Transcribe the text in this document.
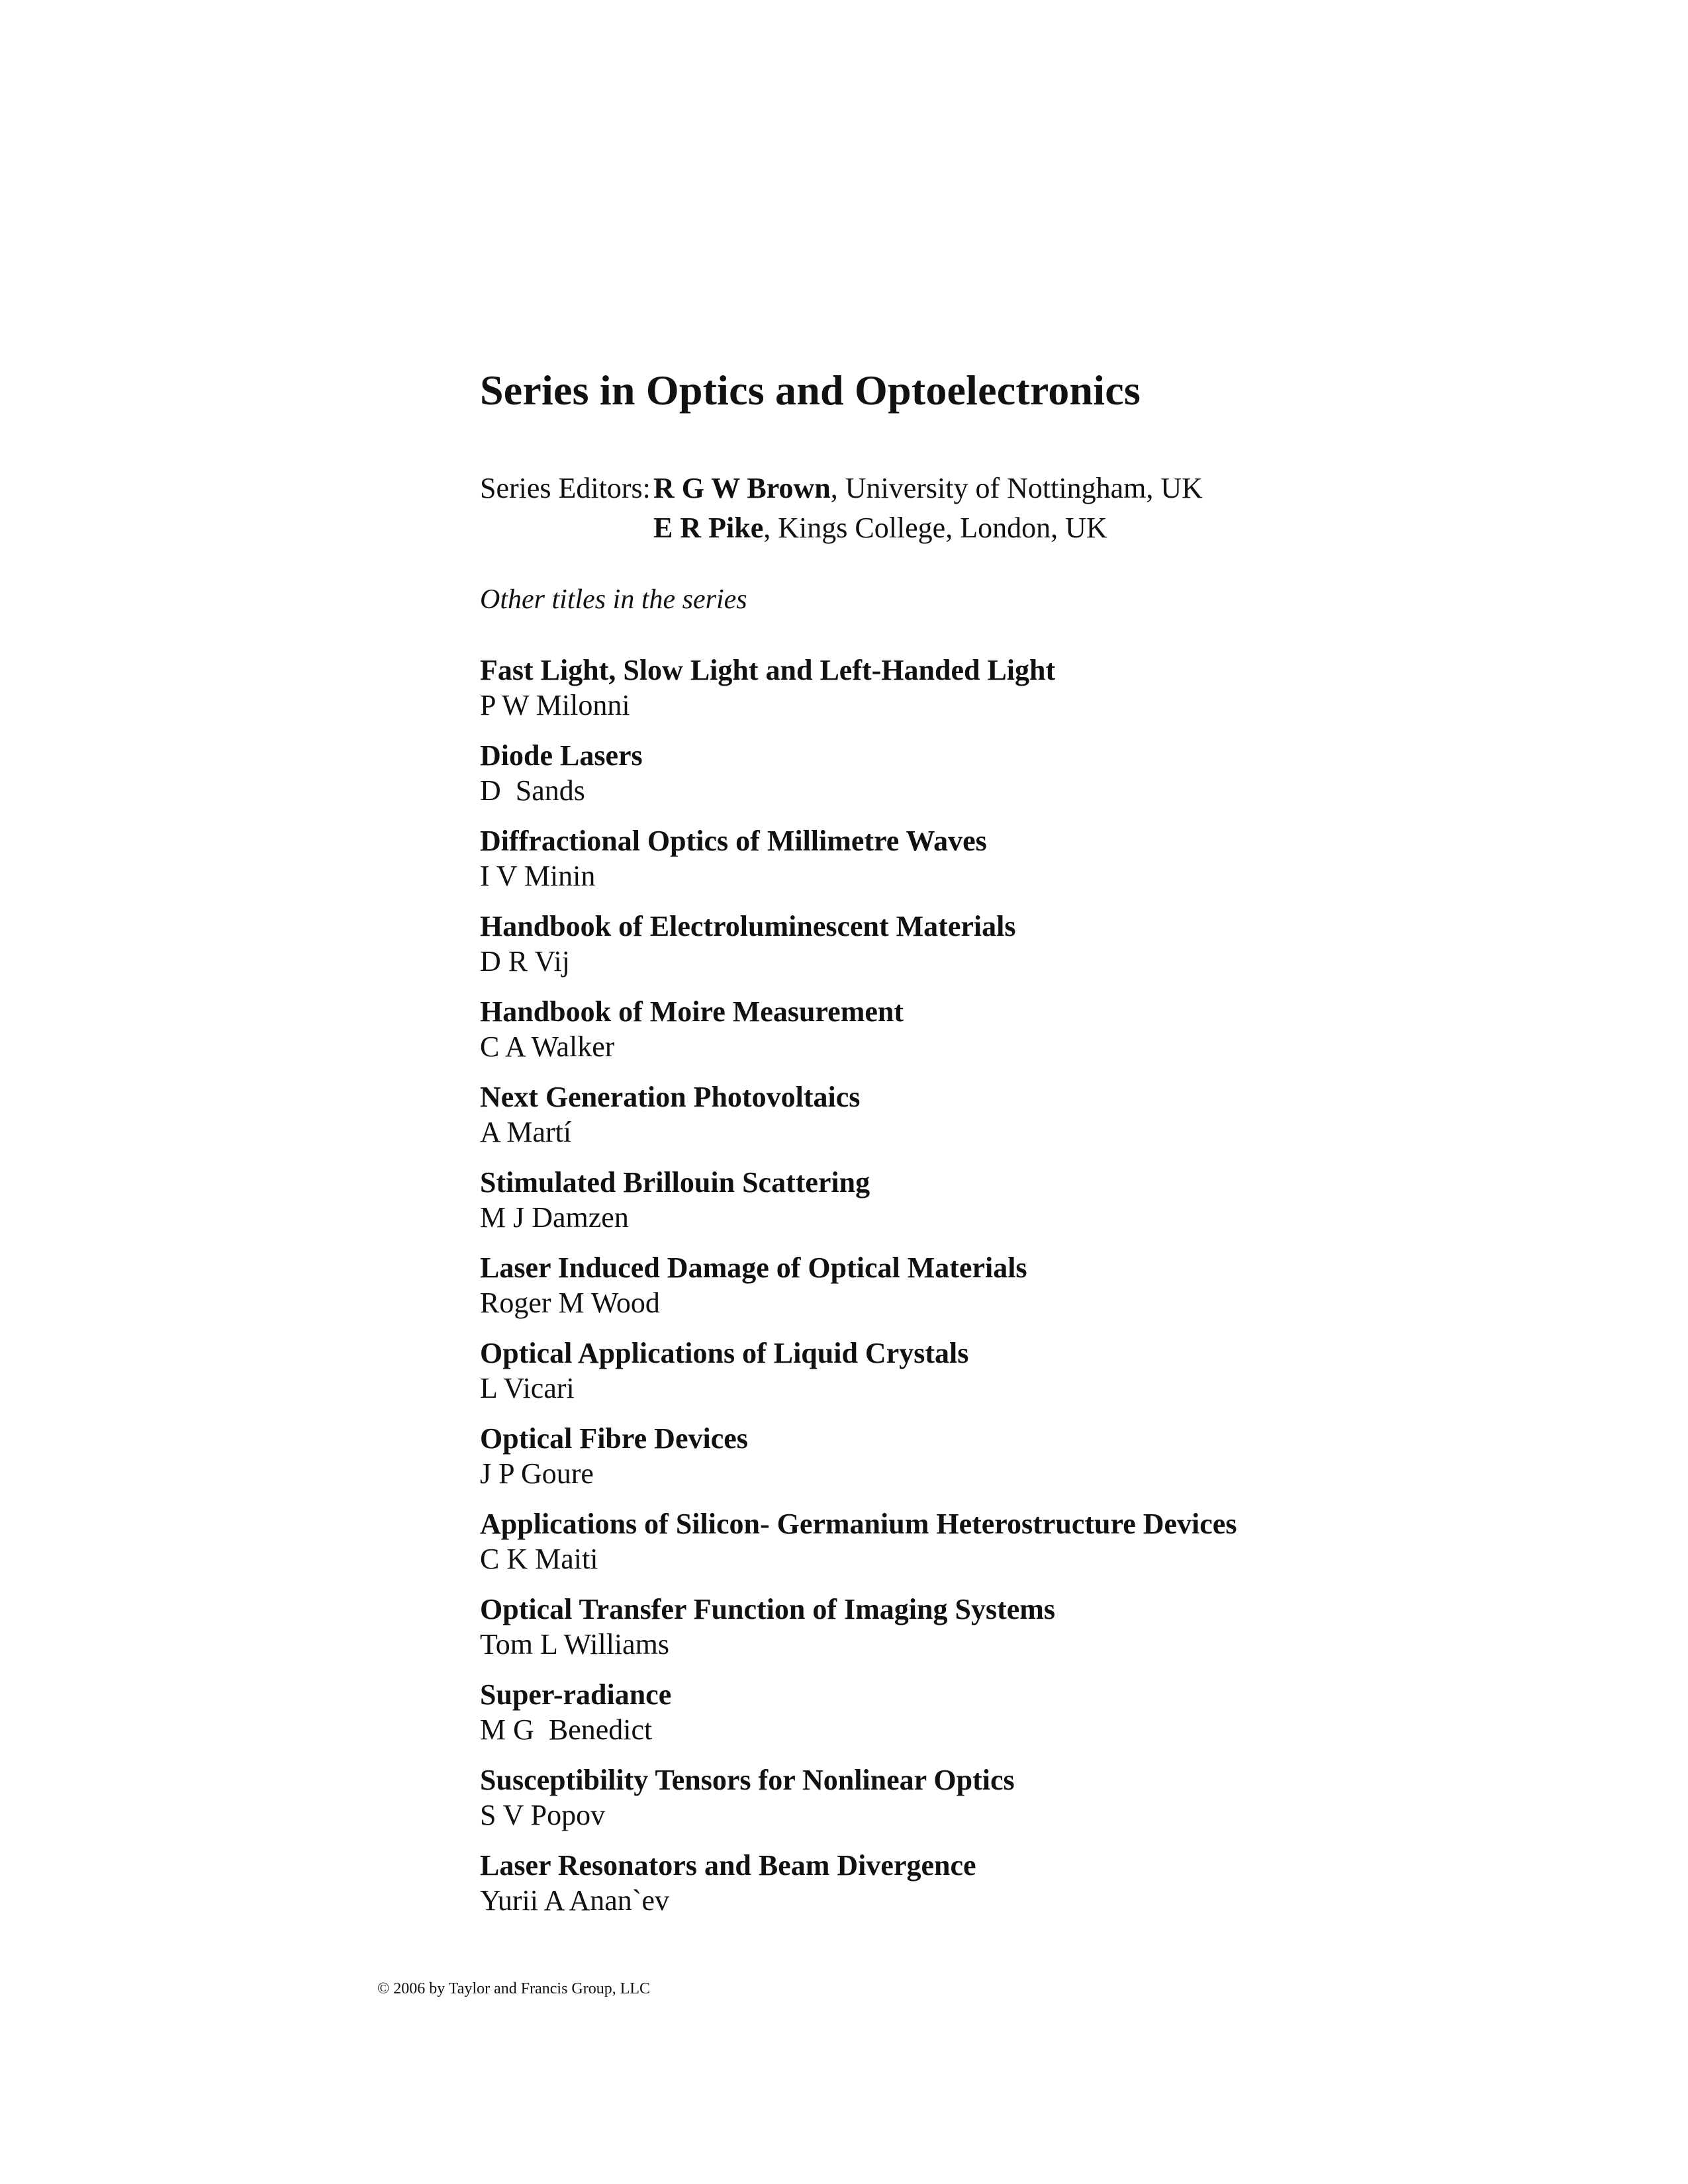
Series in Optics and Optoelectronics
Series Editors: R G W Brown, University of Nottingham, UK
E R Pike, Kings College, London, UK
Other titles in the series
Fast Light, Slow Light and Left-Handed Light
P W Milonni
Diode Lasers
D  Sands
Diffractional Optics of Millimetre Waves
I V Minin
Handbook of Electroluminescent Materials
D R Vij
Handbook of Moire Measurement
C A Walker
Next Generation Photovoltaics
A Martí
Stimulated Brillouin Scattering
M J Damzen
Laser Induced Damage of Optical Materials
Roger M Wood
Optical Applications of Liquid Crystals
L Vicari
Optical Fibre Devices
J P Goure
Applications of Silicon- Germanium Heterostructure Devices
C K Maiti
Optical Transfer Function of Imaging Systems
Tom L Williams
Super-radiance
M G  Benedict
Susceptibility Tensors for Nonlinear Optics
S V Popov
Laser Resonators and Beam Divergence
Yurii A Anan`ev
© 2006 by Taylor and Francis Group, LLC
